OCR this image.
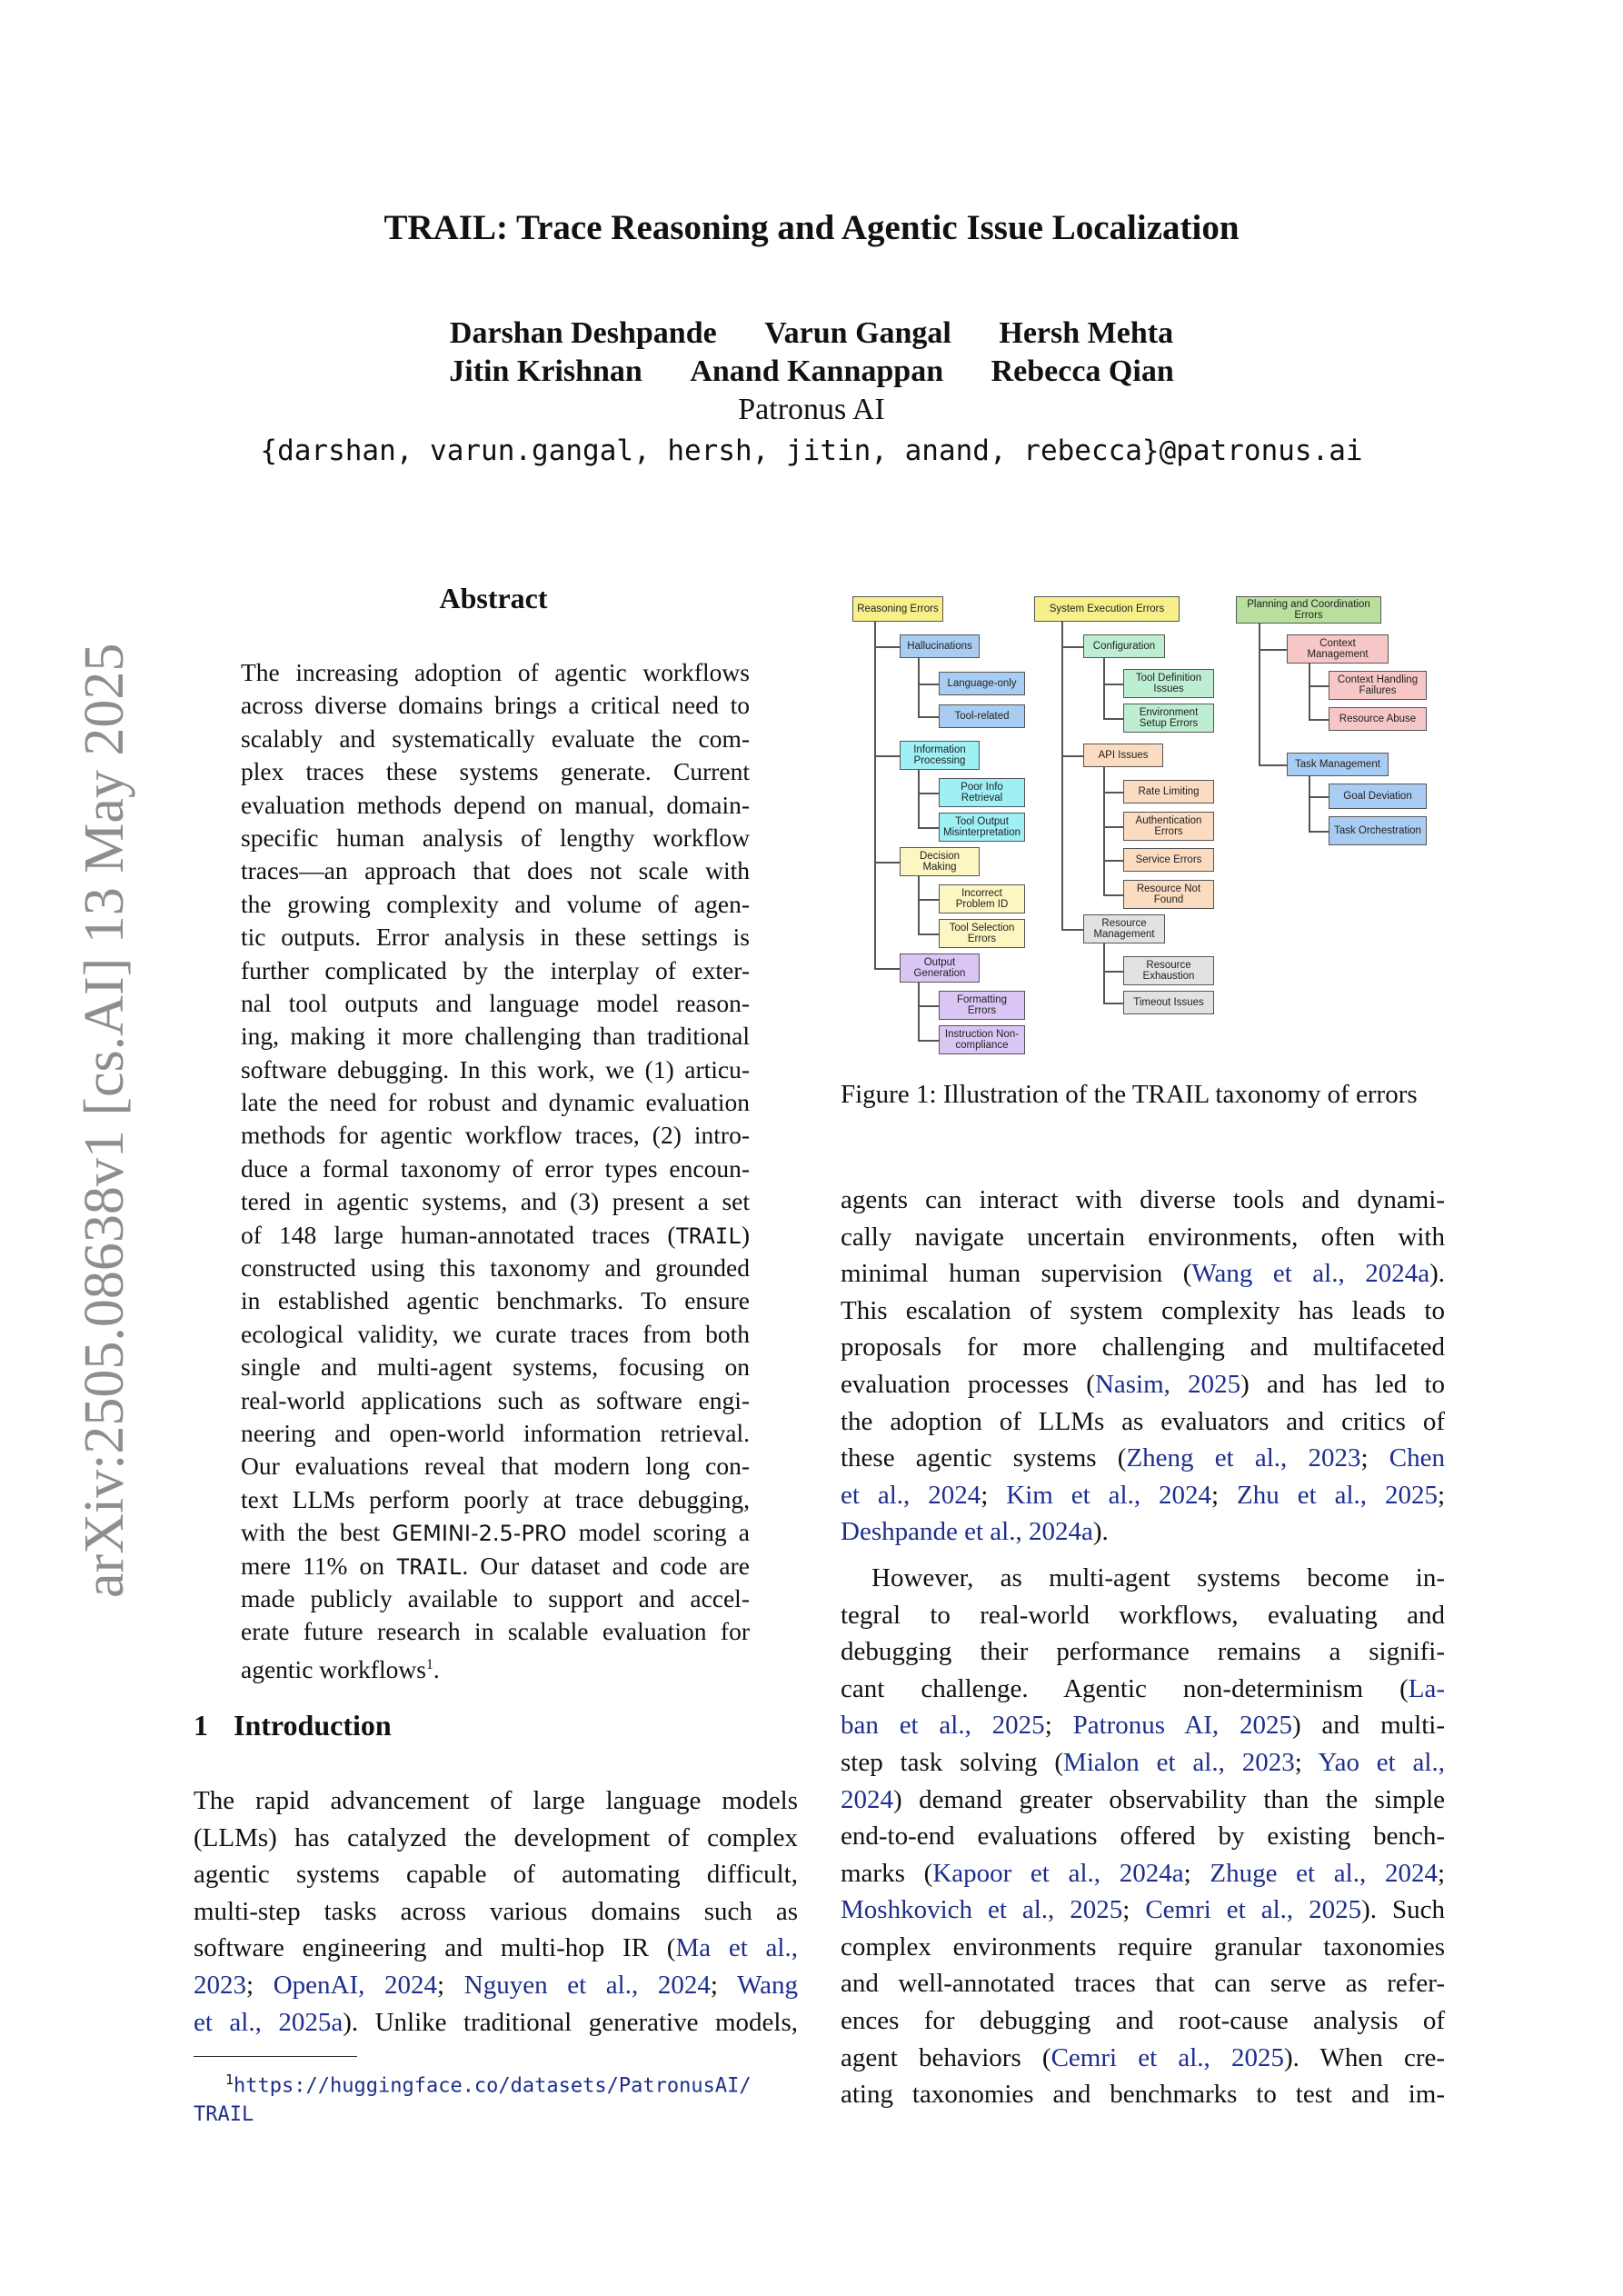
TRAIL: Trace Reasoning and Agentic Issue Localization
Darshan Deshpande Varun Gangal Hersh Mehta
Jitin Krishnan Anand Kannappan Rebecca Qian
Patronus AI
{darshan, varun.gangal, hersh, jitin, anand, rebecca}@patronus.ai
arXiv:2505.08638v1 [cs.AI] 13 May 2025
Abstract
The increasing adoption of agentic workflows
across diverse domains brings a critical need to
scalably and systematically evaluate the com-
plex traces these systems generate. Current
evaluation methods depend on manual, domain-
specific human analysis of lengthy workflow
traces—an approach that does not scale with
the growing complexity and volume of agen-
tic outputs. Error analysis in these settings is
further complicated by the interplay of exter-
nal tool outputs and language model reason-
ing, making it more challenging than traditional
software debugging. In this work, we (1) articu-
late the need for robust and dynamic evaluation
methods for agentic workflow traces, (2) intro-
duce a formal taxonomy of error types encoun-
tered in agentic systems, and (3) present a set
of 148 large human-annotated traces (TRAIL)
constructed using this taxonomy and grounded
in established agentic benchmarks. To ensure
ecological validity, we curate traces from both
single and multi-agent systems, focusing on
real-world applications such as software engi-
neering and open-world information retrieval.
Our evaluations reveal that modern long con-
text LLMs perform poorly at trace debugging,
with the best GEMINI-2.5-PRO model scoring a
mere 11% on TRAIL. Our dataset and code are
made publicly available to support and accel-
erate future research in scalable evaluation for
agentic workflows$^1$.
1 Introduction
The rapid advancement of large language models
(LLMs) has catalyzed the development of complex
agentic systems capable of automating difficult,
multi-step tasks across various domains such as
software engineering and multi-hop IR (Ma et al.,
2023; OpenAI, 2024; Nguyen et al., 2024; Wang
et al., 2025a). Unlike traditional generative models,
$^1$https://huggingface.co/datasets/PatronusAI/
TRAIL
Reasoning Errors
Hallucinations
Language-only
Tool-related
Information Processing
Poor Info Retrieval
Tool Output Misinterpretation
Decision Making
Incorrect Problem ID
Tool Selection Errors
Output Generation
Formatting Errors
Instruction Non-compliance
System Execution Errors
Configuration
Tool Definition Issues
Environment Setup Errors
API Issues
Rate Limiting
Authentication Errors
Service Errors
Resource Not Found
Resource Management
Resource Exhaustion
Timeout Issues
Planning and Coordination Errors
Context Management
Context Handling Failures
Resource Abuse
Task Management
Goal Deviation
Task Orchestration
Figure 1: Illustration of the TRAIL taxonomy of errors
agents can interact with diverse tools and dynami-
cally navigate uncertain environments, often with
minimal human supervision (Wang et al., 2024a).
This escalation of system complexity has leads to
proposals for more challenging and multifaceted
evaluation processes (Nasim, 2025) and has led to
the adoption of LLMs as evaluators and critics of
these agentic systems (Zheng et al., 2023; Chen
et al., 2024; Kim et al., 2024; Zhu et al., 2025;
Deshpande et al., 2024a).
However, as multi-agent systems become in-
tegral to real-world workflows, evaluating and
debugging their performance remains a signifi-
cant challenge. Agentic non-determinism (La-
ban et al., 2025; Patronus AI, 2025) and multi-
step task solving (Mialon et al., 2023; Yao et al.,
2024) demand greater observability than the simple
end-to-end evaluations offered by existing bench-
marks (Kapoor et al., 2024a; Zhuge et al., 2024;
Moshkovich et al., 2025; Cemri et al., 2025). Such
complex environments require granular taxonomies
and well-annotated traces that can serve as refer-
ences for debugging and root-cause analysis of
agent behaviors (Cemri et al., 2025). When cre-
ating taxonomies and benchmarks to test and im-
